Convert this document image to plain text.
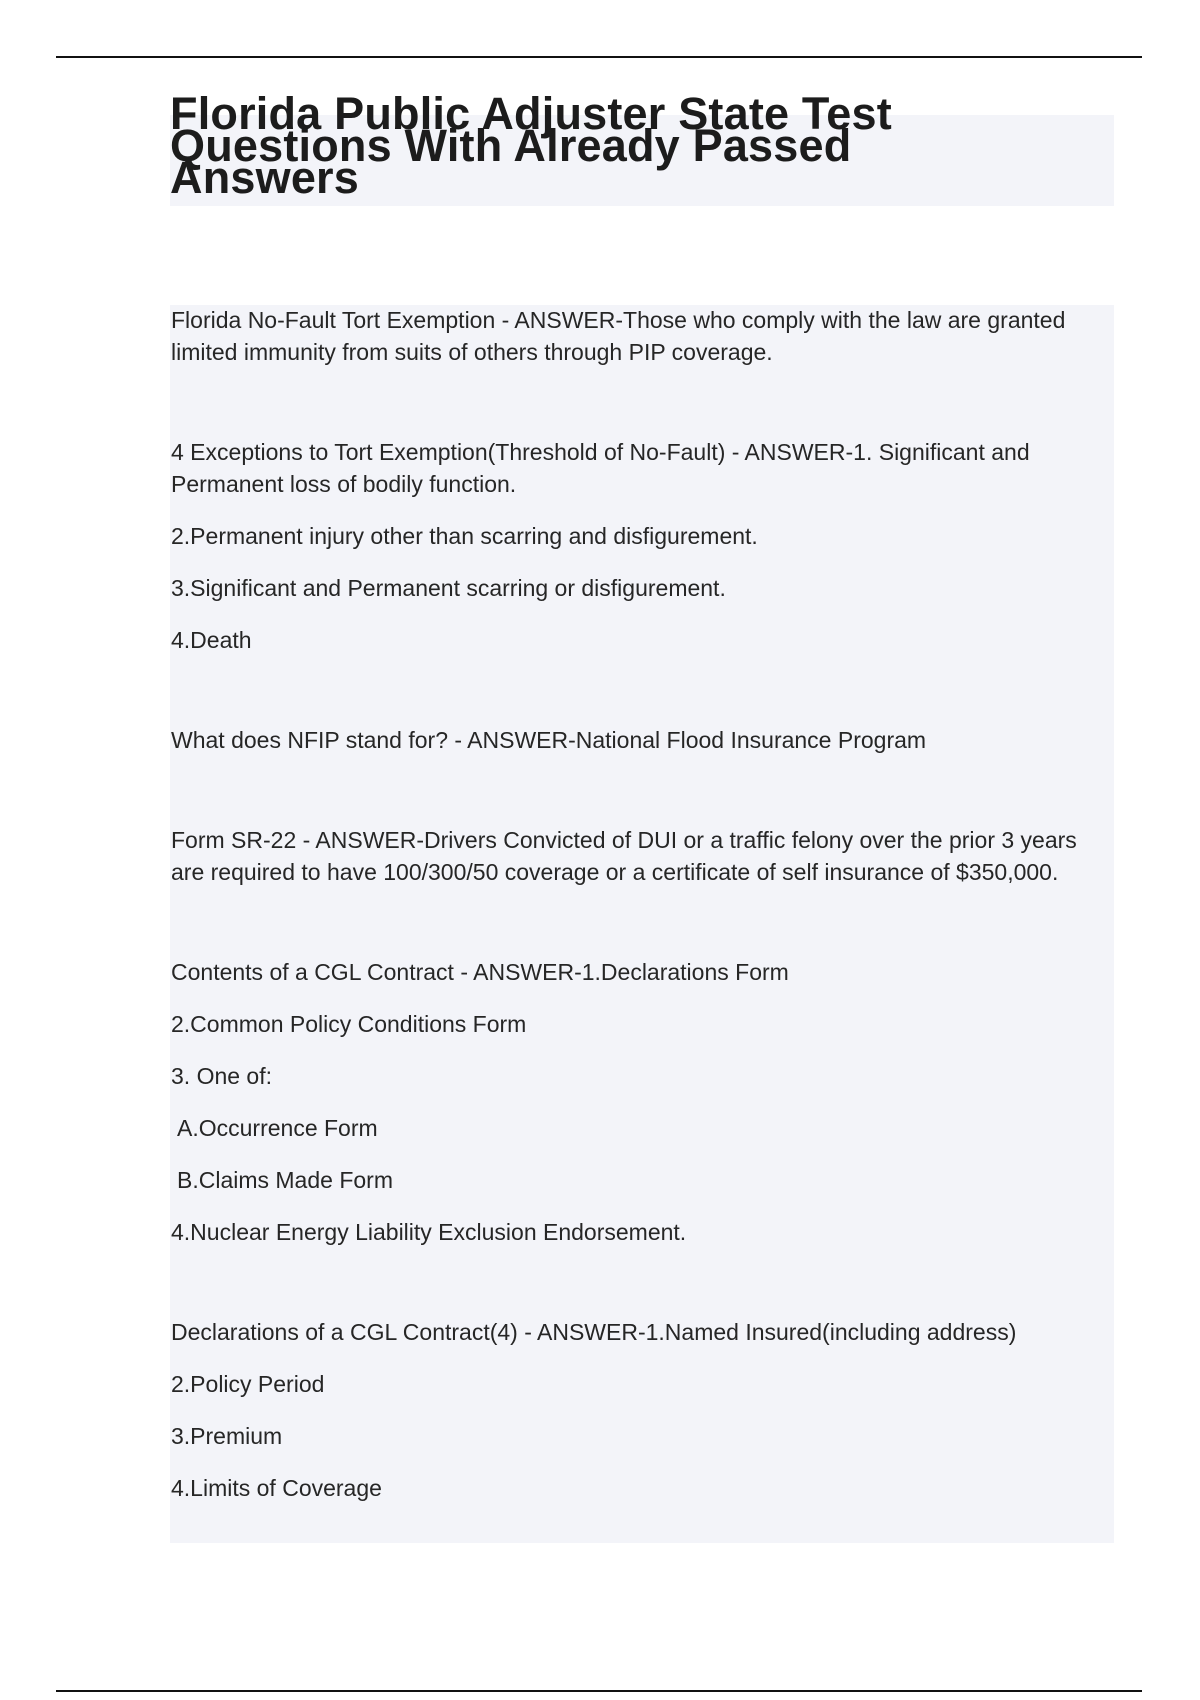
Florida Public Adjuster State Test Questions With Already Passed Answers
Florida No-Fault Tort Exemption - ANSWER-Those who comply with the law are granted limited immunity from suits of others through PIP coverage.
4 Exceptions to Tort Exemption(Threshold of No-Fault) - ANSWER-1. Significant and Permanent loss of bodily function.
2.Permanent injury other than scarring and disfigurement.
3.Significant and Permanent scarring or disfigurement.
4.Death
What does NFIP stand for? - ANSWER-National Flood Insurance Program
Form SR-22 - ANSWER-Drivers Convicted of DUI or a traffic felony over the prior 3 years are required to have 100/300/50 coverage or a certificate of self insurance of $350,000.
Contents of a CGL Contract - ANSWER-1.Declarations Form
2.Common Policy Conditions Form
3. One of:
A.Occurrence Form
B.Claims Made Form
4.Nuclear Energy Liability Exclusion Endorsement.
Declarations of a CGL Contract(4) - ANSWER-1.Named Insured(including address)
2.Policy Period
3.Premium
4.Limits of Coverage
